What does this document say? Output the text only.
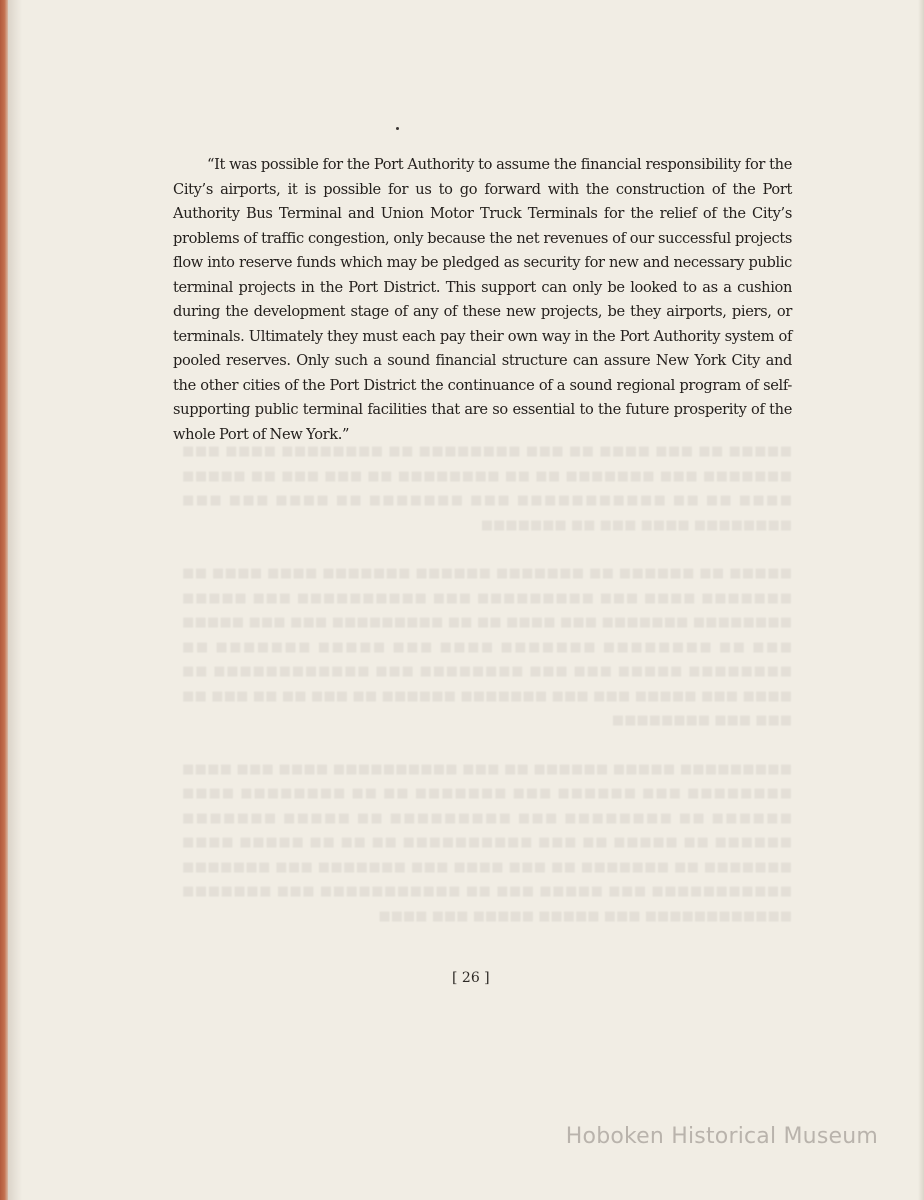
■■■■■ ■■ ■■■ ■■■■ ■■ ■■■ ■■■■■■■■ ■■ ■■■■■■■■ ■■■■ ■■■ ■■■■■■■ ■■■ ■■■■■■■ ■■ ■■ ■■■■■■■■ ■■ ■■■ ■■■ ■■ ■■■■■ ■■■■ ■■ ■■ ■■■■■■■■■■■ ■■■ ■■■■■■■ ■■ ■■■■ ■■■ ■■■ ■■■■■■■■ ■■■■ ■■■ ■■ ■■■■■■■

■■■■■ ■■ ■■■■■■ ■■ ■■■■■■■ ■■■■■■ ■■■■■■■ ■■■■ ■■■■ ■■ ■■■■■■■ ■■■■ ■■■ ■■■■■■■■■ ■■■ ■■■■■■■■■■ ■■■ ■■■■■ ■■■■■■■■ ■■■■■■■ ■■■ ■■■■ ■■ ■■ ■■■■■■■■■ ■■■ ■■■ ■■■■■ ■■■ ■■ ■■■■■■■■ ■■■■■■■ ■■■■ ■■■ ■■■■■ ■■■■■■■ ■■ ■■■■■■■■ ■■■■■ ■■■ ■■■ ■■■■■■■■ ■■■ ■■■■■■■■■■■■ ■■ ■■■■ ■■■ ■■■■■ ■■■ ■■■ ■■■■■■■ ■■■■■■ ■■ ■■■ ■■ ■■ ■■■ ■■ ■■■ ■■■ ■■■■■■■■

■■■■■■■■■ ■■■■■ ■■■■■■ ■■ ■■■ ■■■■■■■■■■ ■■■■ ■■■ ■■■■ ■■■■■■■■ ■■■ ■■■■■■ ■■■ ■■■■■■■ ■■ ■■ ■■■■■■■■ ■■■■ ■■■■■■ ■■ ■■■■■■■■ ■■■ ■■■■■■■■■ ■■ ■■■■■ ■■■■■■■ ■■■■■■ ■■ ■■■■■ ■■ ■■■ ■■■■■■■■■■ ■■ ■■ ■■ ■■■■■ ■■■■ ■■■■■■■ ■■ ■■■■■■■ ■■ ■■■ ■■■■ ■■■ ■■■■■■■ ■■■ ■■■■■■■ ■■■■■■■■■■■ ■■■ ■■■■■ ■■■ ■■ ■■■■■■■■■■■ ■■■ ■■■■■■■ ■■■■■■■■■■■■ ■■■ ■■■■■ ■■■■■ ■■■ ■■■■

“It was possible for the Port Authority to assume the financial responsibility for the City’s airports, it is possible for us to go forward with the construction of the Port Authority Bus Terminal and Union Motor Truck Terminals for the relief of the City’s problems of traffic congestion, only because the net revenues of our successful projects flow into reserve funds which may be pledged as security for new and necessary public terminal projects in the Port District. This support can only be looked to as a cushion during the development stage of any of these new projects, be they airports, piers, or terminals. Ultimately they must each pay their own way in the Port Authority system of pooled reserves. Only such a sound financial structure can assure New York City and the other cities of the Port District the continuance of a sound regional program of self-supporting public terminal facilities that are so essential to the future prosperity of the whole Port of New York.”

[ 26 ]
Hoboken Historical Museum
